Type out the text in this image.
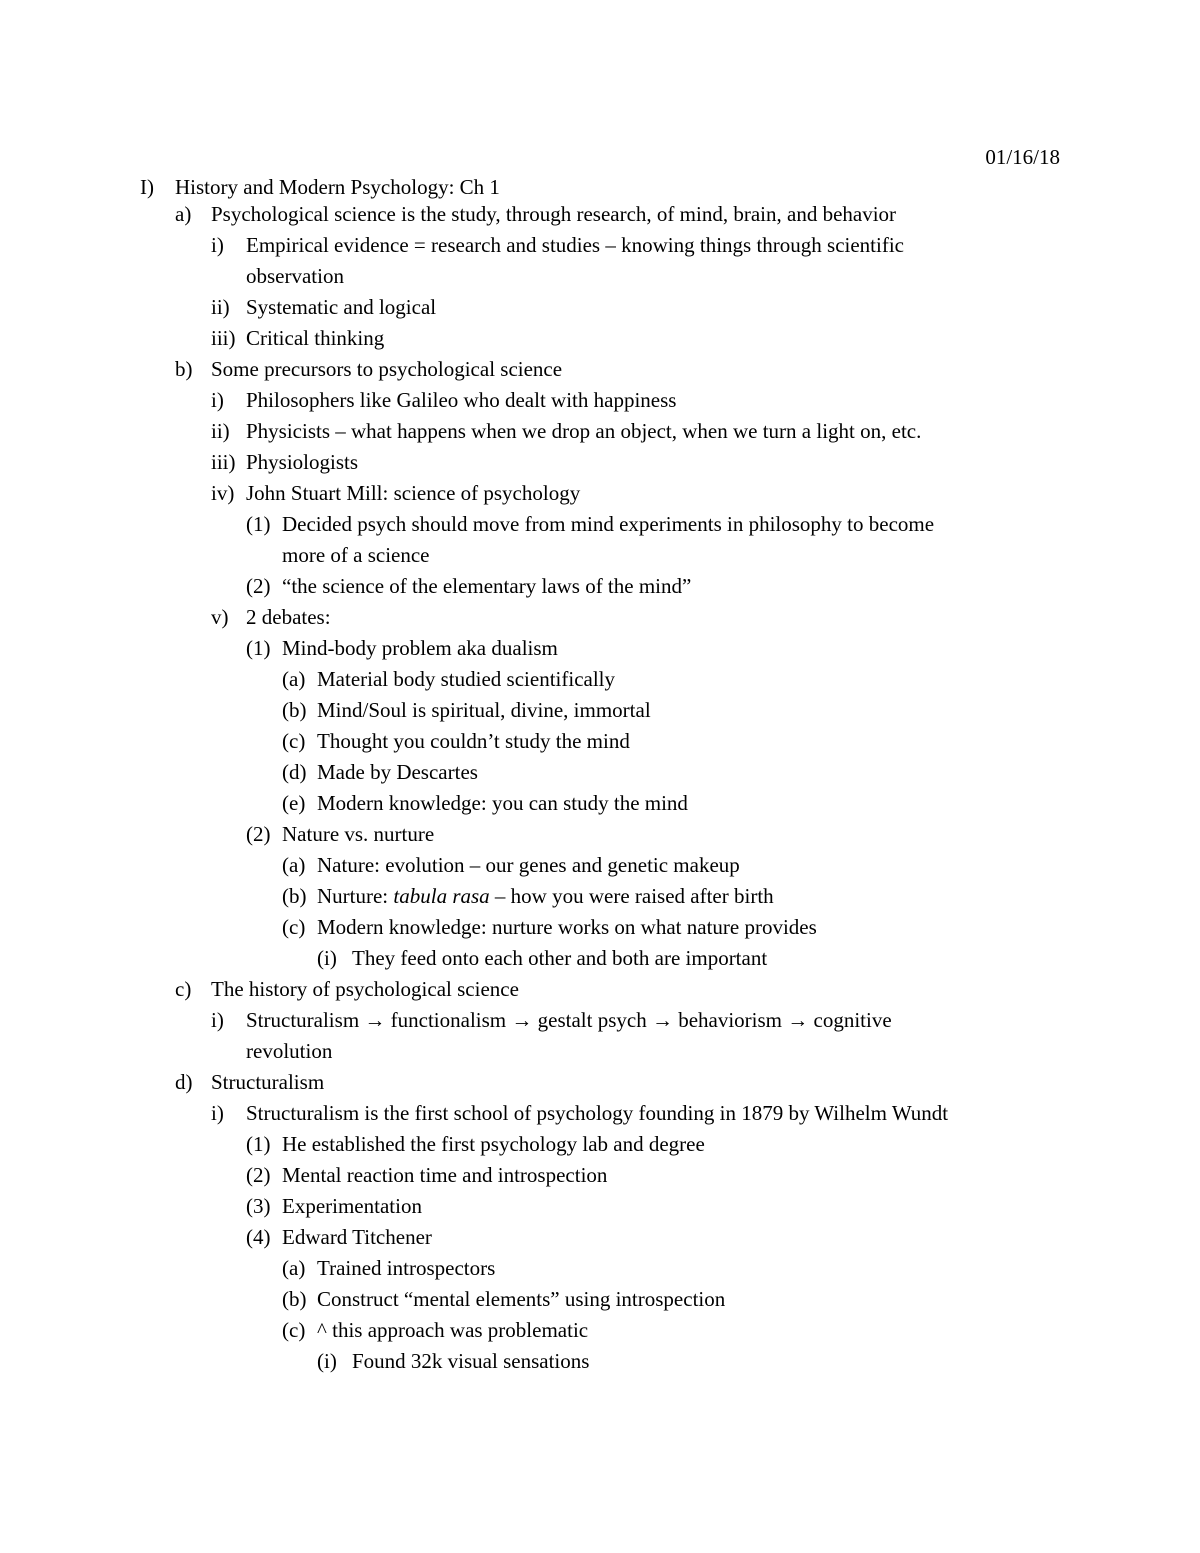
01/16/18
I) History and Modern Psychology: Ch 1
a) Psychological science is the study, through research, of mind, brain, and behavior
i) Empirical evidence = research and studies – knowing things through scientific
observation
ii) Systematic and logical
iii) Critical thinking
b) Some precursors to psychological science
i) Philosophers like Galileo who dealt with happiness
ii) Physicists – what happens when we drop an object, when we turn a light on, etc.
iii) Physiologists
iv) John Stuart Mill: science of psychology
(1) Decided psych should move from mind experiments in philosophy to become
more of a science
(2) “the science of the elementary laws of the mind”
v) 2 debates:
(1) Mind-body problem aka dualism
(a) Material body studied scientifically
(b) Mind/Soul is spiritual, divine, immortal
(c) Thought you couldn’t study the mind
(d) Made by Descartes
(e) Modern knowledge: you can study the mind
(2) Nature vs. nurture
(a) Nature: evolution – our genes and genetic makeup
(b) Nurture: tabula rasa – how you were raised after birth
(c) Modern knowledge: nurture works on what nature provides
(i) They feed onto each other and both are important
c) The history of psychological science
i) Structuralism → functionalism → gestalt psych → behaviorism → cognitive
revolution
d) Structuralism
i) Structuralism is the first school of psychology founding in 1879 by Wilhelm Wundt
(1) He established the first psychology lab and degree
(2) Mental reaction time and introspection
(3) Experimentation
(4) Edward Titchener
(a) Trained introspectors
(b) Construct “mental elements” using introspection
(c) ^ this approach was problematic
(i) Found 32k visual sensations
